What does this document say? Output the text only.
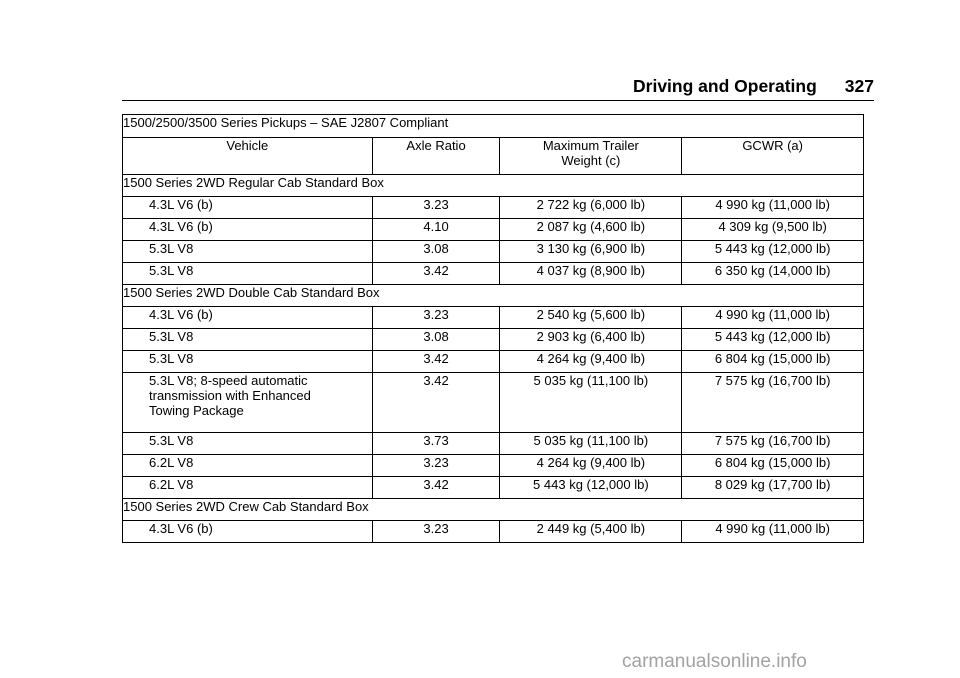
Driving and Operating 327
1500/2500/3500 Series Pickups – SAE J2807 Compliant			
Vehicle	Axle Ratio	Maximum Trailer Weight (c)	GCWR (a)
1500 Series 2WD Regular Cab Standard Box			
4.3L V6 (b)	3.23	2 722 kg (6,000 lb)	4 990 kg (11,000 lb)
4.3L V6 (b)	4.10	2 087 kg (4,600 lb)	4 309 kg (9,500 lb)
5.3L V8	3.08	3 130 kg (6,900 lb)	5 443 kg (12,000 lb)
5.3L V8	3.42	4 037 kg (8,900 lb)	6 350 kg (14,000 lb)
1500 Series 2WD Double Cab Standard Box			
4.3L V6 (b)	3.23	2 540 kg (5,600 lb)	4 990 kg (11,000 lb)
5.3L V8	3.08	2 903 kg (6,400 lb)	5 443 kg (12,000 lb)
5.3L V8	3.42	4 264 kg (9,400 lb)	6 804 kg (15,000 lb)

5.3L V8; 8-speed automatic
transmission with Enhanced
Towing Package	3.42	5 035 kg (11,100 lb)	7 575 kg (16,700 lb)
5.3L V8	3.73	5 035 kg (11,100 lb)	7 575 kg (16,700 lb)
6.2L V8	3.23	4 264 kg (9,400 lb)	6 804 kg (15,000 lb)
6.2L V8	3.42	5 443 kg (12,000 lb)	8 029 kg (17,700 lb)
1500 Series 2WD Crew Cab Standard Box			
4.3L V6 (b)	3.23	2 449 kg (5,400 lb)	4 990 kg (11,000 lb)
carmanualsonline.info
